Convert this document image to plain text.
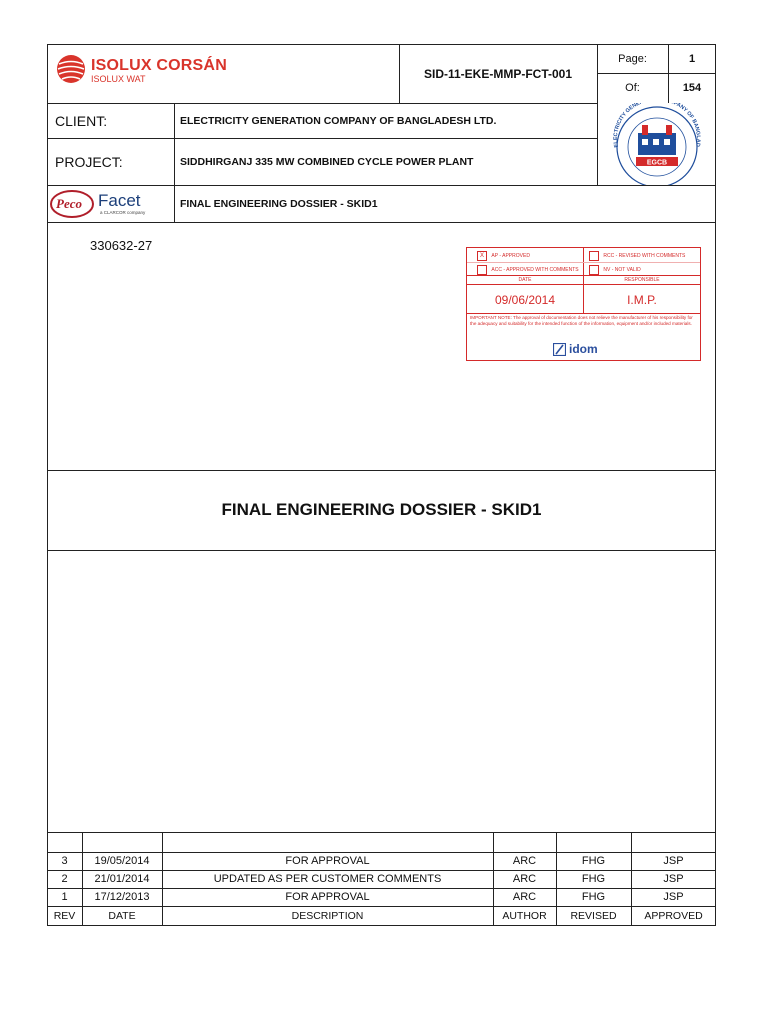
ISOLUX CORSÁN
ISOLUX WAT	SID-11-EKE-MMP-FCT-001
Page:	1
Of:	154
CLIENT:	ELECTRICITY GENERATION COMPANY OF BANGLADESH LTD.
PROJECT:	SIDDHIRGANJ 335 MW COMBINED CYCLE POWER PLANT
ELECTRICITY GENE PANY OF BANGLAD
EGCB
Peco Facet
a CLARCOR company
FINAL ENGINEERING DOSSIER - SKID1
330632-27
X AP - APPROVED	RCC - REVISED WITH COMMENTS
ACC - APPROVED WITH COMMENTS	NV - NOT VALID
DATE	RESPONSIBLE
09/06/2014	I.M.P.
IMPORTANT NOTE: The approval of documentation does not relieve the manufacturer of his responsibility for the adequacy and suitability for the intended function of the information, equipment and/or included materials.
idom
FINAL ENGINEERING DOSSIER - SKID1
3	19/05/2014	FOR APPROVAL	ARC	FHG	JSP
2	21/01/2014	UPDATED AS PER CUSTOMER COMMENTS	ARC	FHG	JSP
1	17/12/2013	FOR APPROVAL	ARC	FHG	JSP
REV	DATE	DESCRIPTION	AUTHOR	REVISED	APPROVED
